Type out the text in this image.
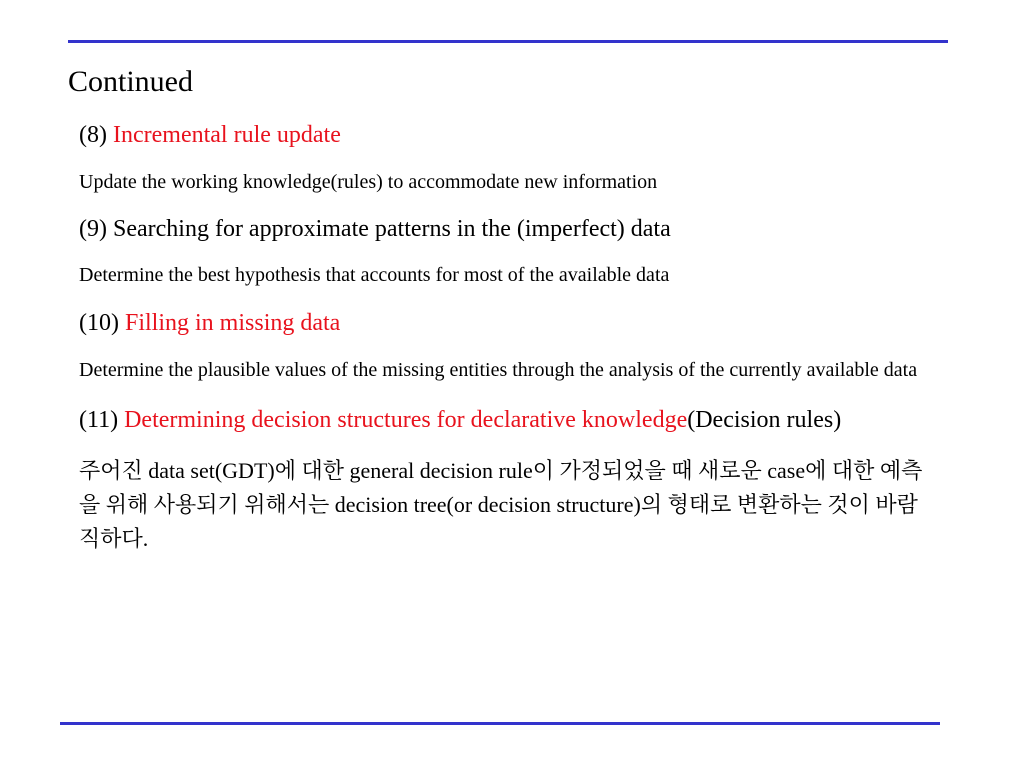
Continued

(8) Incremental rule update

Update the working knowledge(rules) to accommodate new information

(9) Searching for approximate patterns in the (imperfect) data

Determine the best hypothesis that accounts for most of the available data

(10) Filling in missing data

Determine the plausible values of the missing entities through the analysis of the currently available data

(11) Determining decision structures for declarative knowledge(Decision rules)

주어진 data set(GDT)에 대한 general decision rule이 가정되었을 때 새로운 case에 대한 예측을 위해 사용되기 위해서는 decision tree(or decision structure)의 형태로 변환하는 것이 바람직하다.
